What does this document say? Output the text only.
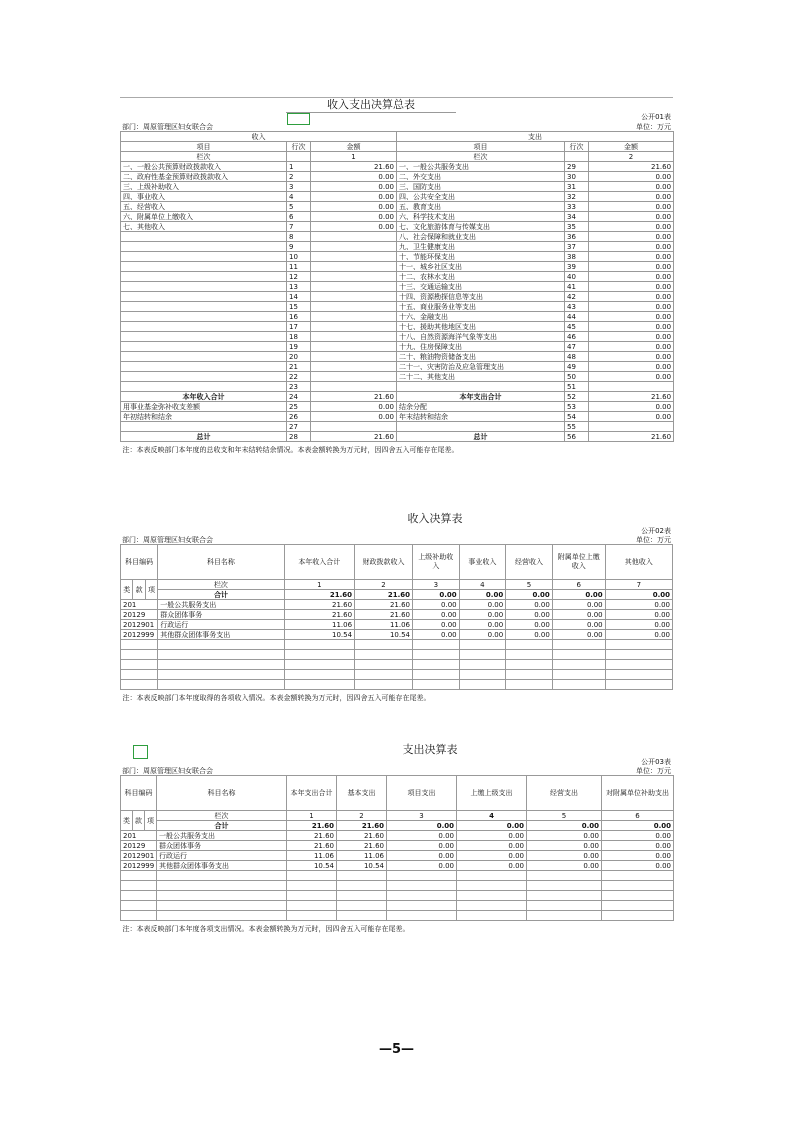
	收入支出决算总表	
		公开01表
部门：周原管理区妇女联合会		单位：万元
收入			支出		
项目	行次	金额	项目	行次	金额
栏次		1	栏次		2
一、一般公共预算财政拨款收入	1	21.60	一、一般公共服务支出	29	21.60
二、政府性基金预算财政拨款收入	2	0.00	二、外交支出	30	0.00
三、上级补助收入	3	0.00	三、国防支出	31	0.00
四、事业收入	4	0.00	四、公共安全支出	32	0.00
五、经营收入	5	0.00	五、教育支出	33	0.00
六、附属单位上缴收入	6	0.00	六、科学技术支出	34	0.00
七、其他收入	7	0.00	七、文化旅游体育与传媒支出	35	0.00
	8		八、社会保障和就业支出	36	0.00
	9		九、卫生健康支出	37	0.00
	10		十、节能环保支出	38	0.00
	11		十一、城乡社区支出	39	0.00
	12		十二、农林水支出	40	0.00
	13		十三、交通运输支出	41	0.00
	14		十四、资源勘探信息等支出	42	0.00
	15		十五、商业服务业等支出	43	0.00
	16		十六、金融支出	44	0.00
	17		十七、援助其他地区支出	45	0.00
	18		十八、自然资源海洋气象等支出	46	0.00
	19		十九、住房保障支出	47	0.00
	20		二十、粮油物资储备支出	48	0.00
	21		二十一、灾害防治及应急管理支出	49	0.00
	22		二十二、其他支出	50	0.00
	23			51	
本年收入合计	24	21.60	本年支出合计	52	21.60
用事业基金弥补收支差额	25	0.00	结余分配	53	0.00
年初结转和结余	26	0.00	年末结转和结余	54	0.00
	27			55	
总计	28	21.60	总计	56	21.60
注：本表反映部门本年度的总收支和年末结转结余情况。本表金额转换为万元时，因四舍五入可能存在尾差。					
	收入决算表	
		公开02表
部门：周原管理区妇女联合会		单位：万元
科目编码			科目名称	本年收入合计	财政拨款收入	上级补助收入	事业收入	经营收入	附属单位上缴收入	其他收入
类	款	项	栏次	1	2	3	4	5	6	7
			合计	21.60	21.60	0.00	0.00	0.00	0.00	0.00
201			一般公共服务支出	21.60	21.60	0.00	0.00	0.00	0.00	0.00
20129			群众团体事务	21.60	21.60	0.00	0.00	0.00	0.00	0.00
2012901			行政运行	11.06	11.06	0.00	0.00	0.00	0.00	0.00
2012999			其他群众团体事务支出	10.54	10.54	0.00	0.00	0.00	0.00	0.00

注：本表反映部门本年度取得的各项收入情况。本表金额转换为万元时，因四舍五入可能存在尾差。										
	支出决算表	
		公开03表
部门：周原管理区妇女联合会		单位：万元
科目编码			科目名称	本年支出合计	基本支出	项目支出	上缴上级支出	经营支出	对附属单位补助支出
类	款	项	栏次	1	2	3	4	5	6
			合计	21.60	21.60	0.00	0.00	0.00	0.00
201			一般公共服务支出	21.60	21.60	0.00	0.00	0.00	0.00
20129			群众团体事务	21.60	21.60	0.00	0.00	0.00	0.00
2012901			行政运行	11.06	11.06	0.00	0.00	0.00	0.00
2012999			其他群众团体事务支出	10.54	10.54	0.00	0.00	0.00	0.00

注：本表反映部门本年度各项支出情况。本表金额转换为万元时，因四舍五入可能存在尾差。									
—5—
